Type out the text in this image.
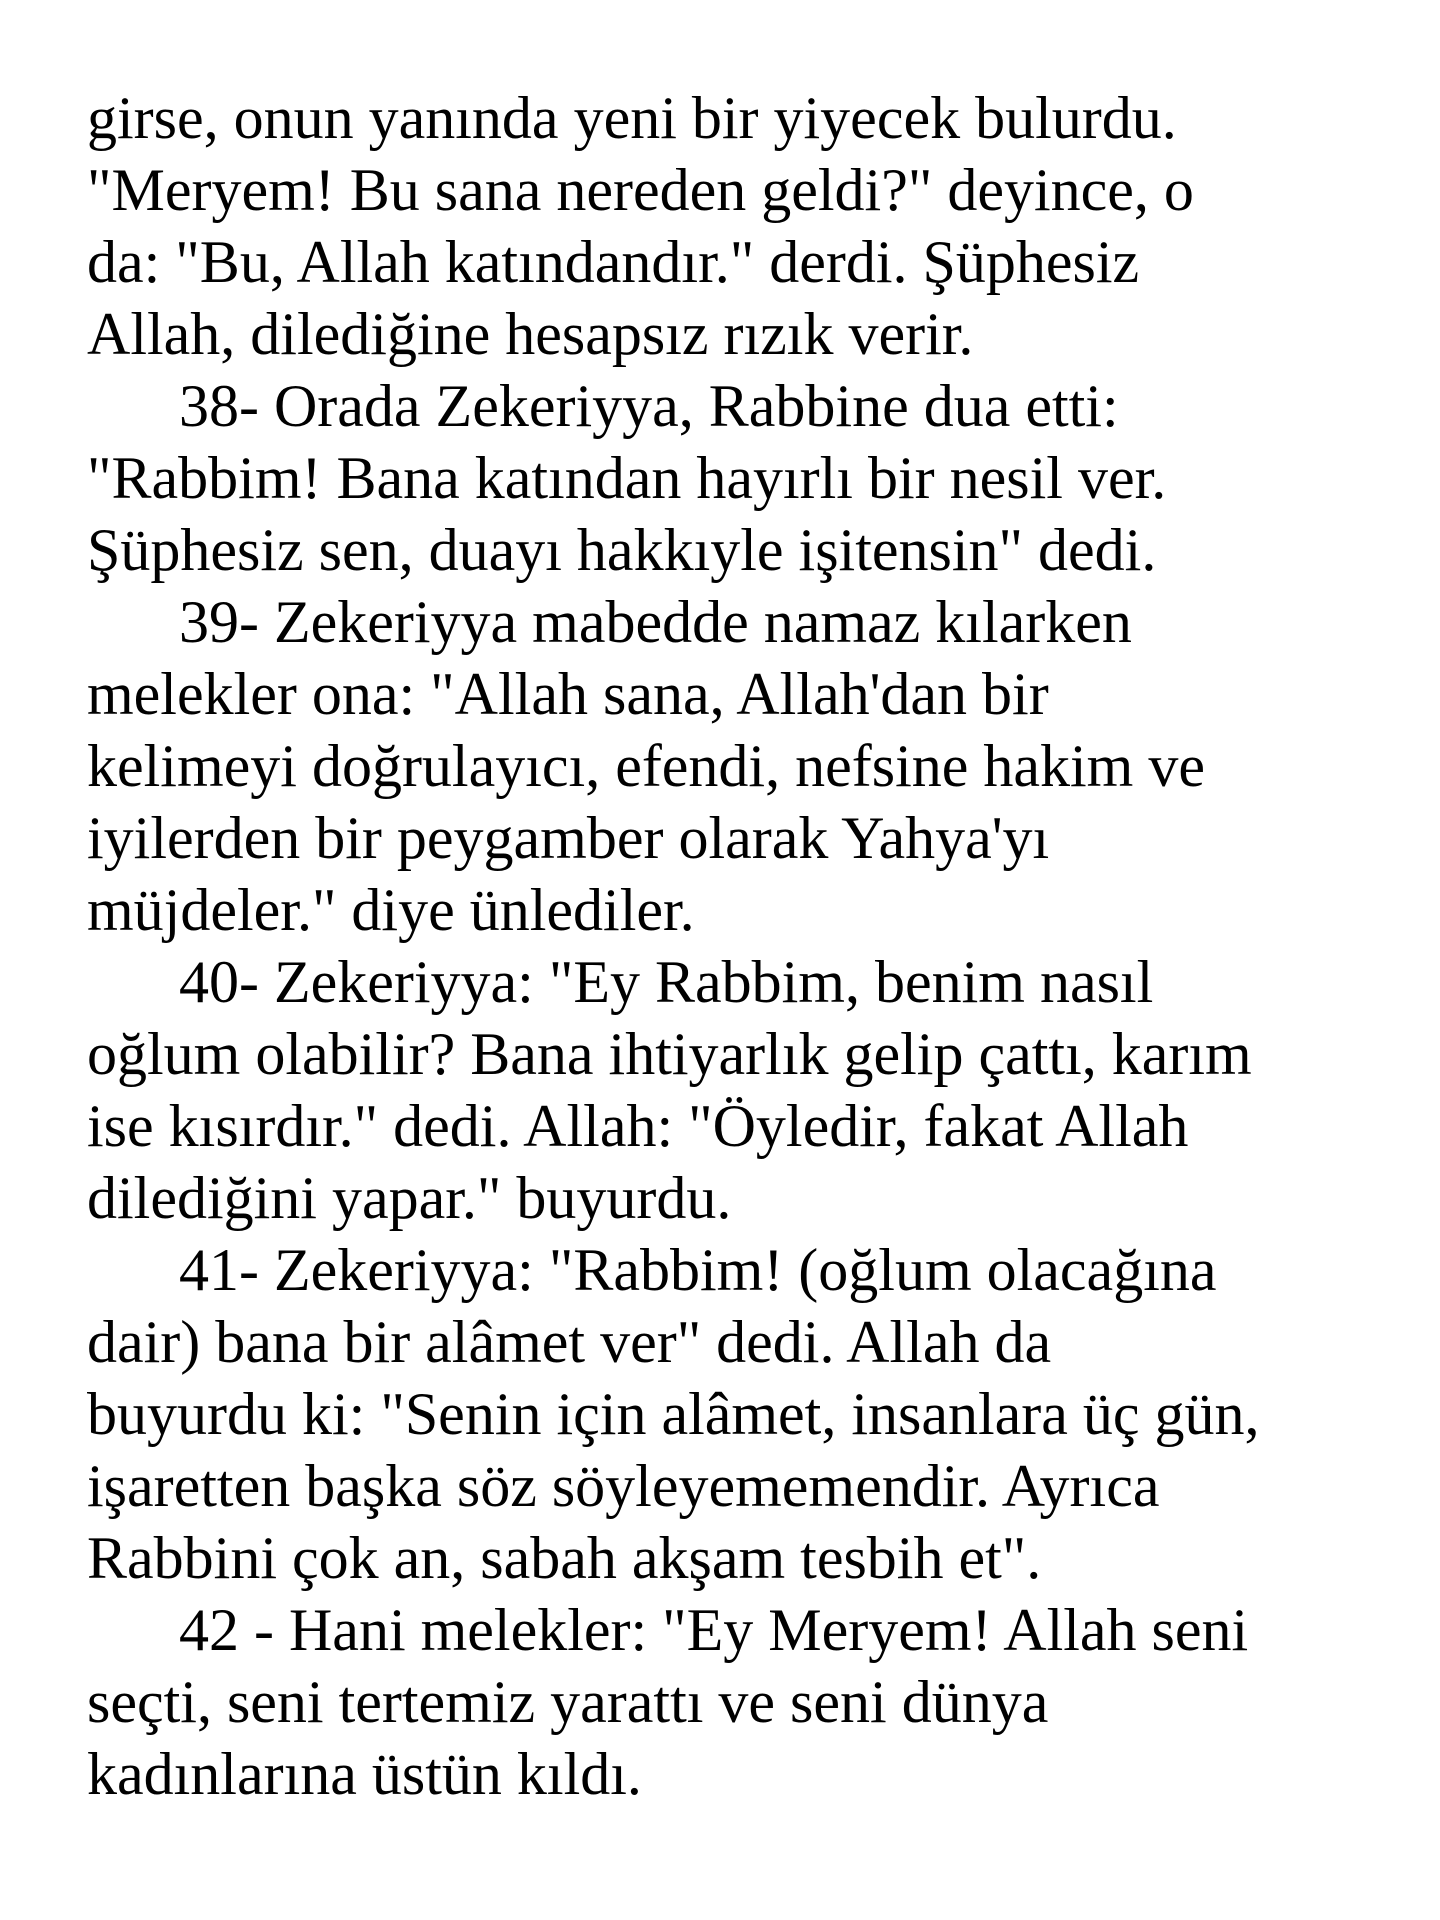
girse, onun yanında yeni bir yiyecek bulurdu.

"Meryem! Bu sana nereden geldi?" deyince, o

da: "Bu, Allah katındandır." derdi. Şüphesiz

Allah, dilediğine hesapsız rızık verir.

38- Orada Zekeriyya, Rabbine dua etti:

"Rabbim! Bana katından hayırlı bir nesil ver.

Şüphesiz sen, duayı hakkıyle işitensin" dedi.

39- Zekeriyya mabedde namaz kılarken

melekler ona: "Allah sana, Allah'dan bir

kelimeyi doğrulayıcı, efendi, nefsine hakim ve

iyilerden bir peygamber olarak Yahya'yı

müjdeler." diye ünlediler.

40- Zekeriyya: "Ey Rabbim, benim nasıl

oğlum olabilir? Bana ihtiyarlık gelip çattı, karım

ise kısırdır." dedi. Allah: "Öyledir, fakat Allah

dilediğini yapar." buyurdu.

41- Zekeriyya: "Rabbim! (oğlum olacağına

dair) bana bir alâmet ver" dedi. Allah da

buyurdu ki: "Senin için alâmet, insanlara üç gün,

işaretten başka söz söyleyememendir. Ayrıca

Rabbini çok an, sabah akşam tesbih et".

42 - Hani melekler: "Ey Meryem! Allah seni

seçti, seni tertemiz yarattı ve seni dünya

kadınlarına üstün kıldı.
